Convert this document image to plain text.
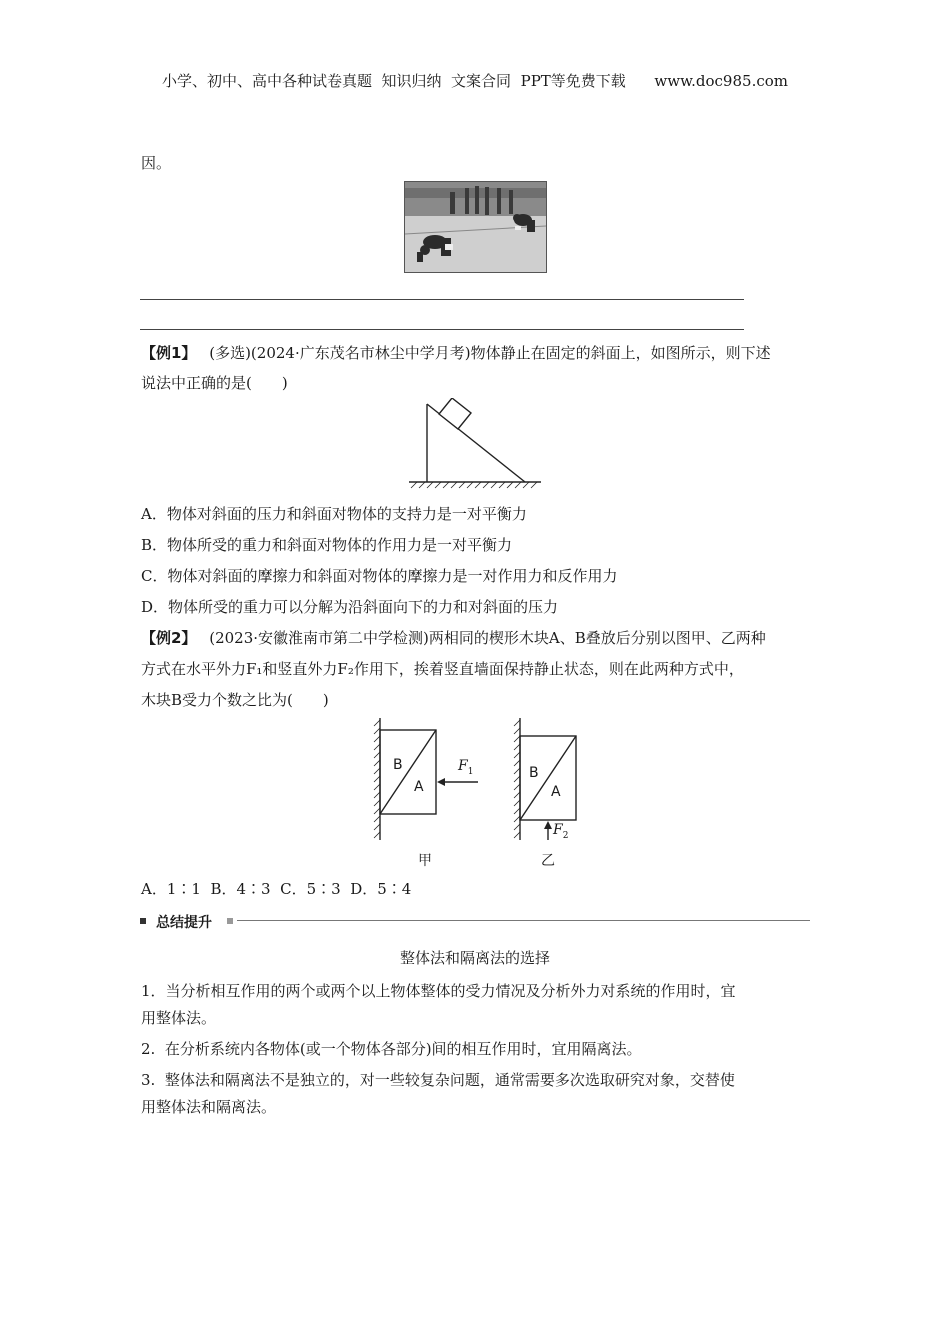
小学、初中、高中各种试卷真题  知识归纳  文案合同  PPT等免费下载      www.doc985.com
因。
【例1】 (多选)(2024·广东茂名市林尘中学月考)物体静止在固定的斜面上，如图所示，则下述
说法中正确的是(　　)
A．物体对斜面的压力和斜面对物体的支持力是一对平衡力
B．物体所受的重力和斜面对物体的作用力是一对平衡力
C．物体对斜面的摩擦力和斜面对物体的摩擦力是一对作用力和反作用力
D．物体所受的重力可以分解为沿斜面向下的力和对斜面的压力
【例2】 (2023·安徽淮南市第二中学检测)两相同的楔形木块A、B叠放后分别以图甲、乙两种
方式在水平外力F₁和竖直外力F₂作用下，挨着竖直墙面保持静止状态，则在此两种方式中，
木块B受力个数之比为(　　)
B
A
$F_1$
甲
B
A
$F_2$
乙
A．1∶1  B．4∶3  C．5∶3  D．5∶4
总结提升
整体法和隔离法的选择
1．当分析相互作用的两个或两个以上物体整体的受力情况及分析外力对系统的作用时，宜
用整体法。
2.  在分析系统内各物体(或一个物体各部分)间的相互作用时，宜用隔离法。
3.  整体法和隔离法不是独立的，对一些较复杂问题，通常需要多次选取研究对象，交替使
用整体法和隔离法。
